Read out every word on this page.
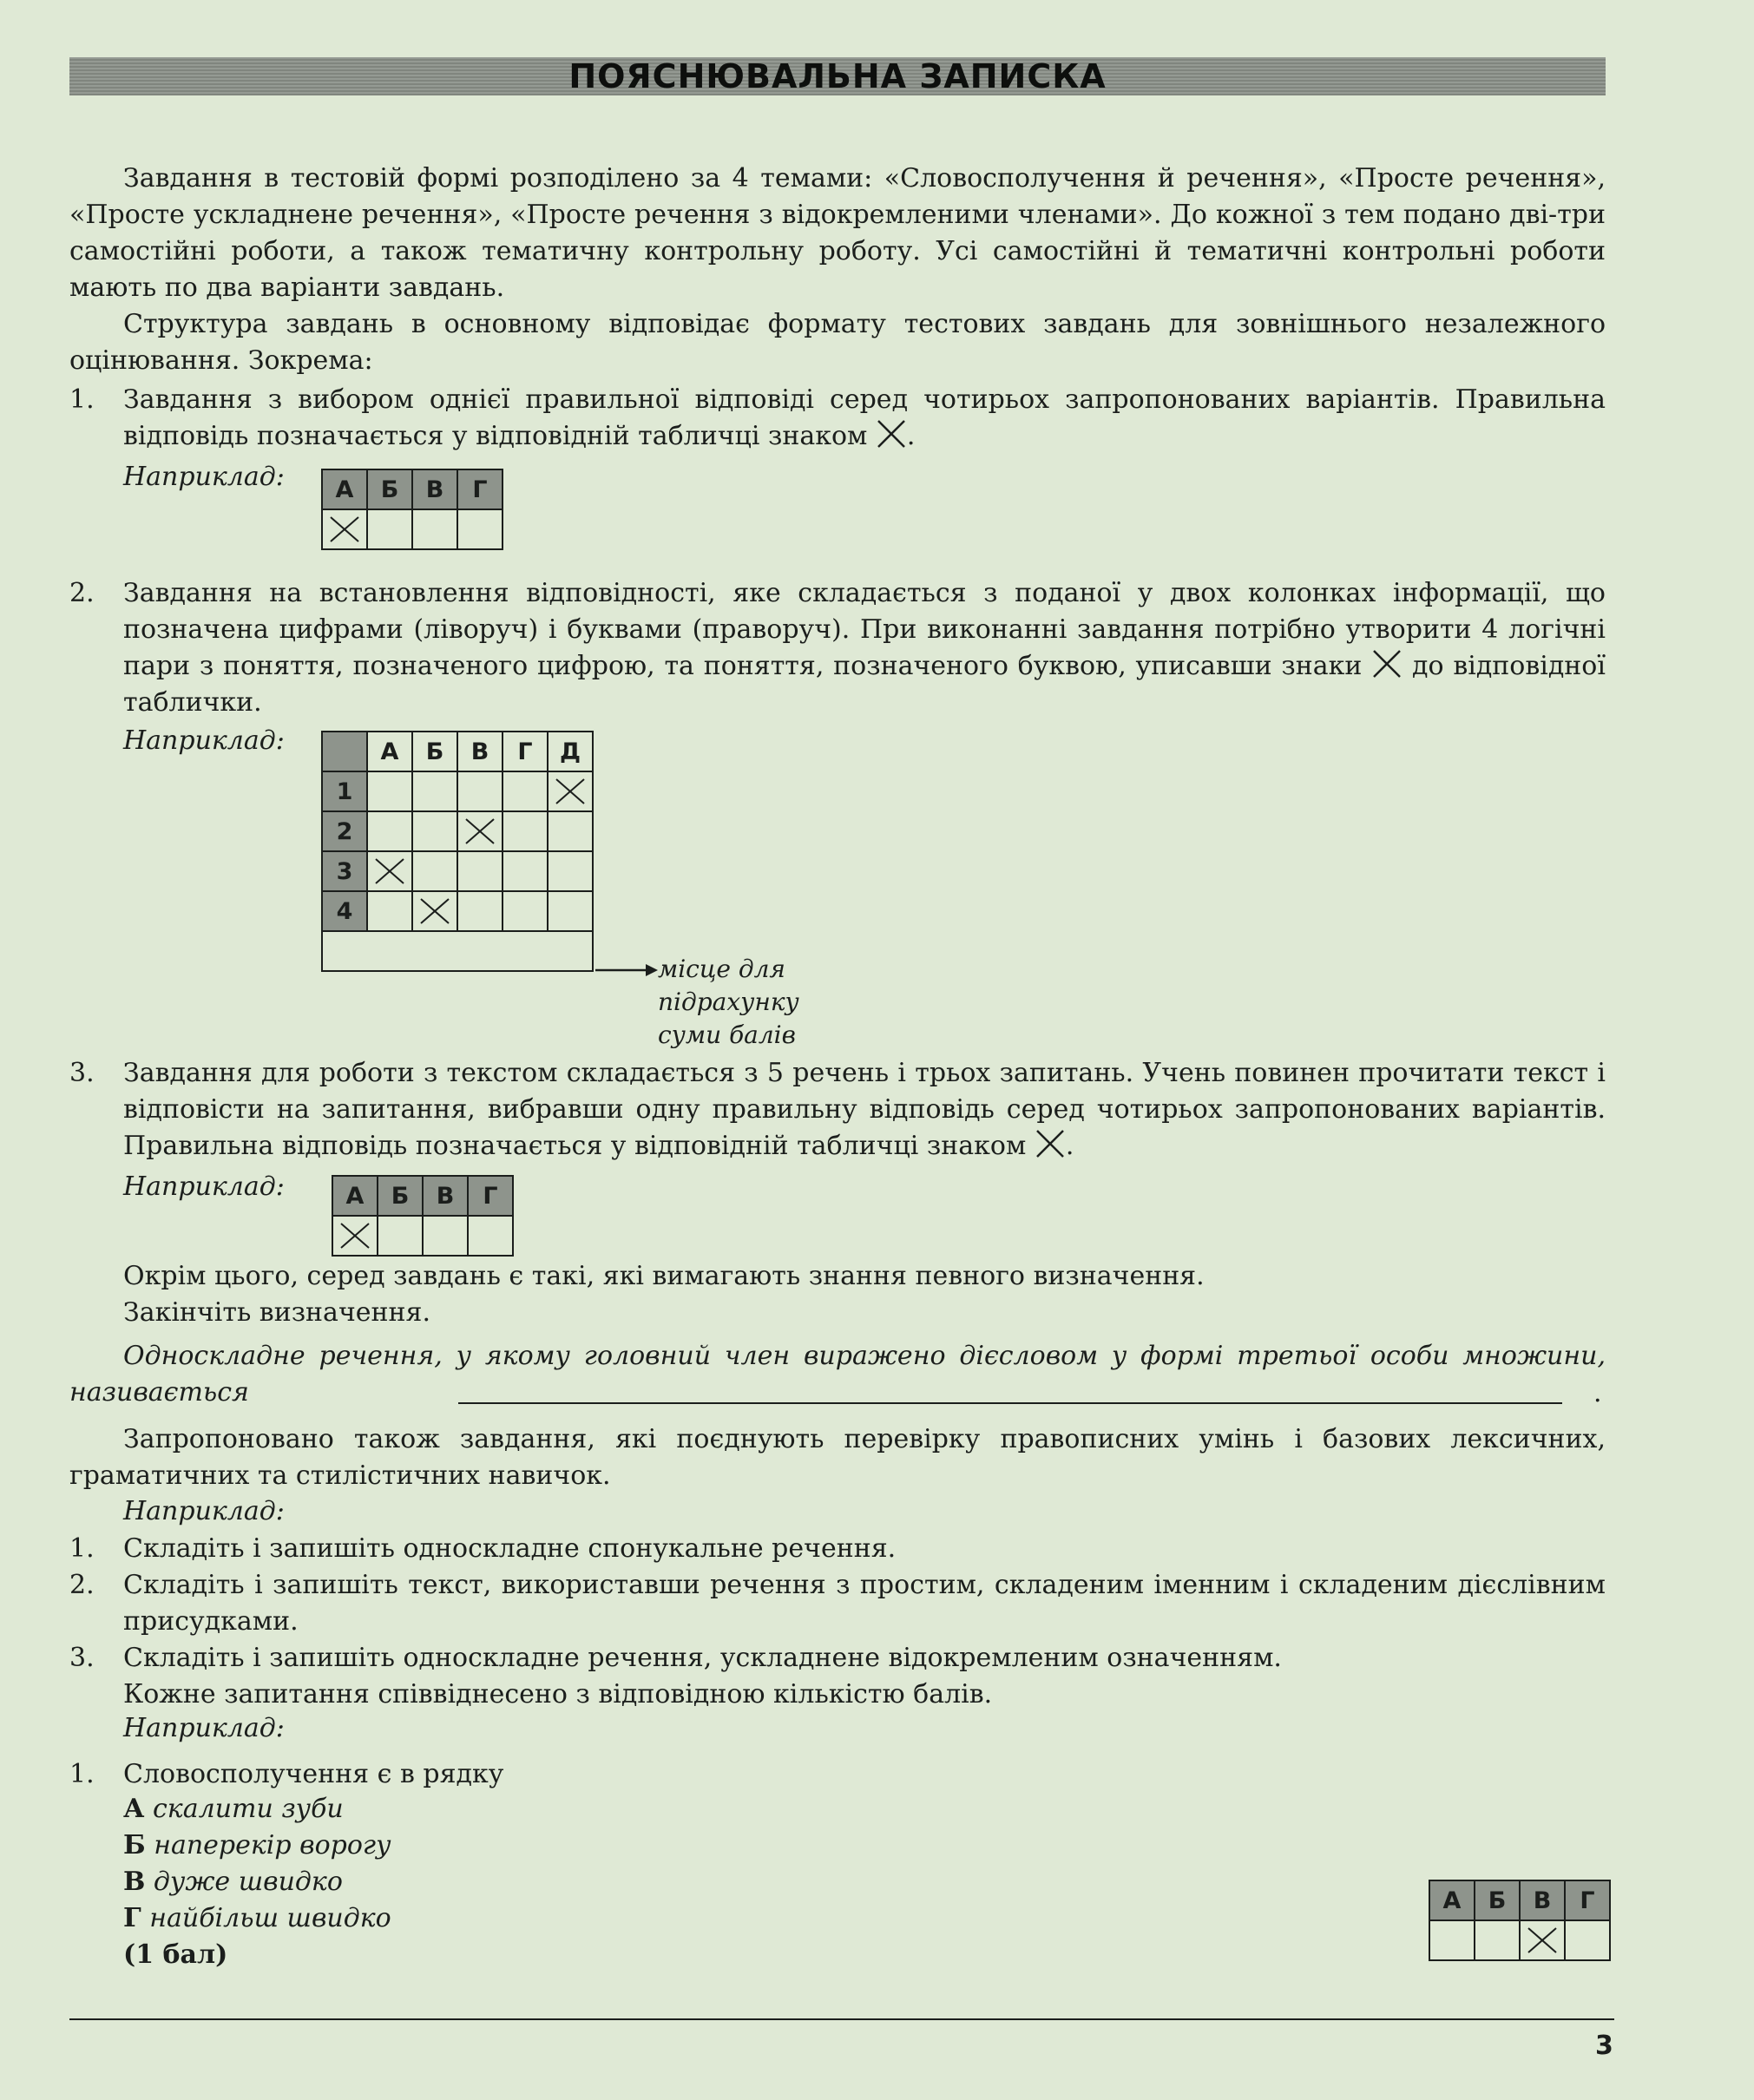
ПОЯСНЮВАЛЬНА ЗАПИСКА
Завдання в тестовій формі розподілено за 4 темами: «Словосполучення й речення», «Просте речення», «Просте ускладнене речення», «Просте речення з відокремленими членами». До кожної з тем подано дві-три самостійні роботи, а також тематичну контрольну роботу. Усі самостійні й тематичні контрольні роботи мають по два варіанти завдань.
Структура завдань в основному відповідає формату тестових завдань для зовнішнього незалежного оцінювання. Зокрема:
1. Завдання з вибором однієї правильної відповіді серед чотирьох запропонованих варіантів. Правильна відповідь позначається у відповідній табличці знаком .
Наприклад: А	Б	В	Г

2. Завдання на встановлення відповідності, яке складається з поданої у двох колонках інформації, що позначена цифрами (ліворуч) і буквами (праворуч). При виконанні завдання потрібно утворити 4 логічні пари з поняття, позначеного цифрою, та поняття, позначеного буквою, уписавши знаки до відповідної таблички.
Наприклад:
		А	Б	В	Г	Д
1					

2			

3	

4		

місце для
підрахунку
суми балів
3. Завдання для роботи з текстом складається з 5 речень і трьох запитань. Учень повинен прочитати текст і відповісти на запитання, вибравши одну правильну відповідь серед чотирьох запропонованих варіантів. Правильна відповідь позначається у відповідній табличці знаком .
Наприклад:	А	Б	В	Г

Окрім цього, серед завдань є такі, які вимагають знання певного визначення.
Закінчіть визначення.
Односкладне речення, у якому головний член виражено дієсловом у формі третьої особи множини, називається	.
Запропоновано також завдання, які поєднують перевірку правописних умінь і базових лексичних, граматичних та стилістичних навичок.
Наприклад:
1. Складіть і запишіть односкладне спонукальне речення.
2. Складіть і запишіть текст, використавши речення з простим, складеним іменним і складеним дієслівним присудками.
3. Складіть і запишіть односкладне речення, ускладнене відокремленим означенням.
Кожне запитання співвіднесено з відповідною кількістю балів.
Наприклад:
1. Словосполучення є в рядку
А скалити зуби
Б наперекір ворогу
В дуже швидко
Г найбільш швидко
(1 бал)
А	Б	В	Г

3
